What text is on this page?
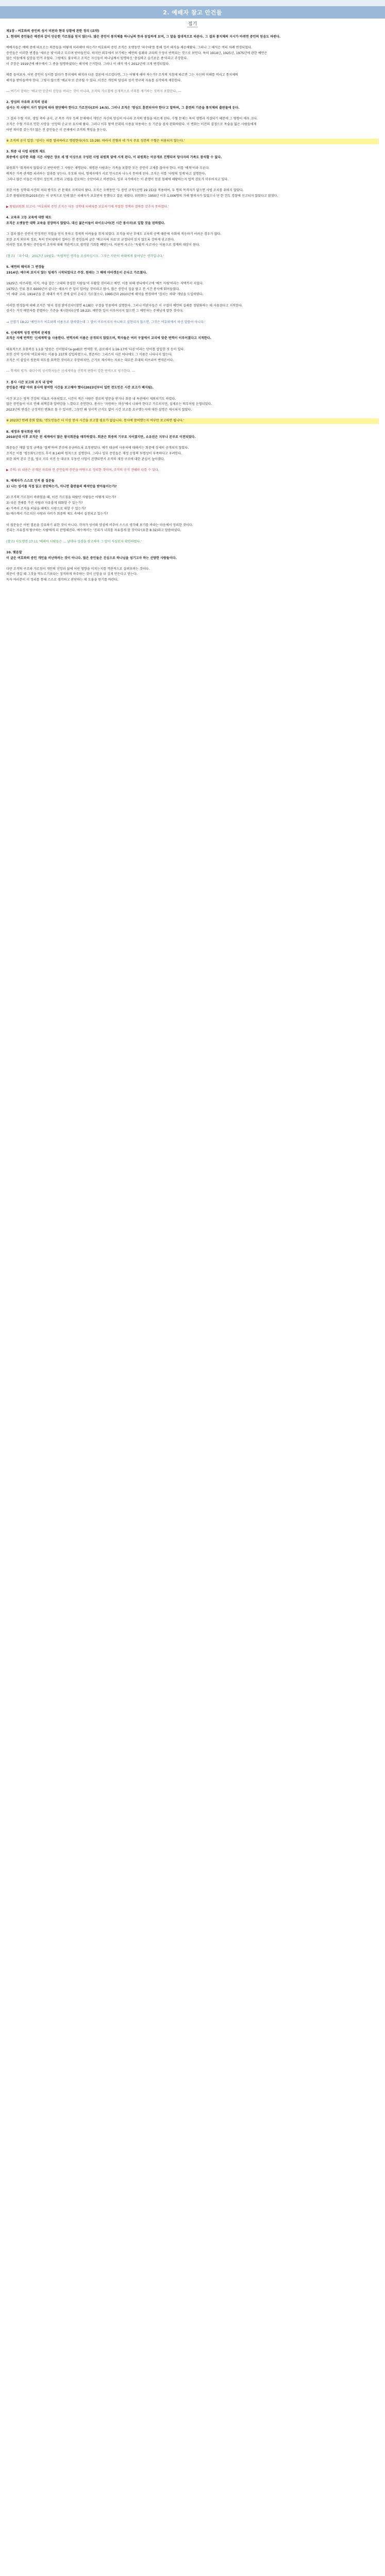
2. 예배자 참고 안건들
접기
제1장 - 여호와의 증인의 성서 비판과 현대 상황에 관한 정리 (요약)
1. 현대의 증인들은 예전과 같이 단순한 가르침을 믿지 않는다. 많은 증인이 통치체를 하나님의 뜻과 동일하게 보며, 그 말을 절대적으로 따른다. 그 결과 통치체의 지시가 바뀌면 증인의 믿음도 바뀐다.
예배자들은 예배 중에 떠오르는 의문들을 어떻게 처리해야 하는가? 여호와의 증인 조직은 오랫동안 '파수대'를 통해 성서 해석을 제공해왔다. 그러나 그 해석은 여러 차례 변경되었다.
증인들은 이러한 변경을 '새로운 빛'이라고 부르며 받아들인다. 하지만 외부에서 보기에는 예언의 실패와 교리의 수정이 반복되는 것으로 보인다. 특히 1914년, 1925년, 1975년에 관한 예언은
많은 이들에게 실망을 안겨 주었다. 그럼에도 불구하고 조직은 자신들이 하나님께서 임명하신 '충실하고 슬기로운 종'이라고 주장한다.
이 주장은 1919년에 예수께서 그 종을 임명하셨다는 해석에 근거한다. 그러나 이 해석 역시 2012년에 크게 변경되었다.
예를 들어보자. 어떤 증인이 성서를 읽다가 통치체의 해석과 다른 결론에 이르렀다면, 그는 어떻게 해야 하는가? 조직의 지침에 따르면 그는 자신의 이해를 버리고 통치체의
해석을 받아들여야 한다. 그렇지 않으면 '배교자'로 간주될 수 있다. 이것은 개인의 양심과 성서 연구의 자유를 심각하게 제한한다.
--- 여기서 말하는 '배교'란 단순히 신앙을 버리는 것이 아니라, 조직의 가르침에 공개적으로 이의를 제기하는 것까지 포함한다. ---
2. 양심의 자유와 조직의 권위
성서는 각 사람이 자기 양심에 따라 판단해야 한다고 가르친다(로마 14:5). 그러나 조직은 '양심도 훈련되어야 한다'고 말하며, 그 훈련의 기준을 통치체의 출판물에 둔다.
그 결과 수혈 거부, 생일 축하 금지, 군 복무 거부 등의 문제에서 개인은 자신의 양심이 아니라 조직의 방침을 따르게 된다. 수혈 문제는 특히 생명과 직결되기 때문에 그 영향이 매우 크다.
조직은 수혈 거부로 인한 사망을 '신앙의 순교'로 묘사해 왔다. 그러나 이후 혈액 분획의 사용을 허용하는 등 기준을 점차 완화하였다. 이 변화는 이전의 결정으로 목숨을 잃은 사람들에게
어떤 의미를 갖는가? 많은 전 증인들은 이 문제에서 조직의 책임을 묻는다.
※ 조직의 공식 입장: '성서는 피를 멀리하라고 명령한다(사도 15:29). 따라서 전혈과 네 가지 주요 성분의 수혈은 허용되지 않는다.'
3. 회중 내 사법 위원회 제도
회중에서 심각한 죄를 지은 사람은 장로 세 명 이상으로 구성된 사법 위원회 앞에 서게 된다. 이 위원회는 비공개로 진행되며 당사자의 가족도 참석할 수 없다.
위원회가 '회개하지 않았다'고 판단하면 그 사람은 제명된다. 제명된 사람과는 가족을 포함한 모든 증인이 교제를 끊어야 한다. 이를 '배척'이라 부른다.
배척은 가족 관계를 파괴하는 결과를 낳는다. 부모와 자녀, 형제자매가 서로 인사조차 나누지 못하게 된다. 조직은 이를 '사랑의 징계'라고 설명한다.
그러나 많은 이들은 이것이 정신적 고통과 고립을 강요하는 수단이라고 비판한다. 일부 국가에서는 이 관행이 인권 침해에 해당하는지 법적 검토가 이루어지고 있다.
또한 아동 성학대 사건의 처리 방식도 큰 문제로 지적되어 왔다. 조직은 오랫동안 '두 증인 규칙'(신명 19:15)을 적용하여, 두 명의 목격자가 없으면 사법 조치를 취하지 않았다.
호주 왕립위원회(2015년)는 이 규칙으로 인해 많은 피해자가 보호받지 못했다고 결론 내렸다. 위원회는 1950년 이후 1,006명의 가해 혐의자가 있었으나 단 한 건도 경찰에 신고되지 않았다고 밝혔다.
▶ 왕립위원회 보고서: '여호와의 증인 조직은 아동 성학대 피해자를 보호하기에 적절한 정책과 절차를 갖추지 못하였다.'
4. 교육과 고등 교육에 대한 태도
조직은 오랫동안 대학 교육을 권장하지 않았다. 대신 젊은이들이 파이오니아(전 시간 봉사자)로 일할 것을 권하였다.
그 결과 많은 증인이 안정적인 직업을 얻지 못하고 경제적 어려움을 겪게 되었다. 조직을 떠난 후에도 교육의 공백 때문에 사회에 적응하기 어려운 경우가 많다.
또한 조직 외부의 정보, 특히 인터넷에서 접하는 전 증인들의 글은 '배교자의 자료'로 규정되어 읽지 않도록 강하게 권고된다.
이러한 정보 통제는 증인들이 조직에 대해 객관적으로 생각할 기회를 빼앗는다. 비판적 사고는 '독립적 사고'라는 이름으로 경계의 대상이 된다.
(참고) 「파수대」 2017년 10월호: '독립적인 생각을 조심하십시오. 그것은 사탄이 하와에게 불어넣은 생각입니다.'
5. 예언의 해석과 그 변경들
1914년: 예수의 보이지 않는 임재가 시작되었다고 주장. 원래는 그 해에 아마겟돈이 온다고 가르쳤다.
1925년: 아브라함, 이삭, 야곱 같은 '고대의 충실한 사람들'이 부활할 것이라고 예언. 이를 위해 샌디에이고에 '베트 사림'이라는 저택까지 지었다.
1975년: 인류 창조 6000년이 끝나는 해로서 큰 일이 일어날 것이라고 암시. 많은 증인이 집을 팔고 전 시간 봉사에 뛰어들었다.
'이 세대' 교리: 1914년을 본 세대가 죽기 전에 끝이 온다고 가르쳤으나, 1995년과 2010년에 해석을 변경하여 '겹치는 세대' 개념을 도입하였다.
이러한 변경들에 대해 조직은 '빛이 점점 밝아진다'(잠언 4:18)는 구절을 인용하여 설명한다. 그러나 비판자들은 이 구절이 예언의 실패를 정당화하는 데 사용된다고 지적한다.
성서는 거짓 예언자를 분별하는 기준을 제시한다(신명 18:22). 예언한 일이 이루어지지 않으면 그 예언자는 주제넘게 말한 것이다.
→ 신명기 18:22 '예언자가 여호와의 이름으로 말하였는데 그 말이 이루어지지 아니하고 실현되지 않으면, 그것은 여호와께서 하신 말씀이 아니다.'
6. 신세계역 성경 번역의 문제점
조직은 자체 번역인 '신세계역'을 사용한다. 번역자의 이름은 공개되지 않았으며, 학자들은 여러 구절에서 교리에 맞춘 번역이 이루어졌다고 지적한다.
대표적으로 요한복음 1:1을 '말씀은 신이었다'(a god)로 번역한 것, 골로새서 1:16-17에 '다른'이라는 단어를 삽입한 것 등이 있다.
또한 신약 성서에 '여호와'라는 이름을 237회 삽입하였으나, 현존하는 그리스어 사본 어디에도 그 이름은 나타나지 않는다.
조직은 이 삽입이 원문의 의도를 회복한 것이라고 주장하지만, 근거로 제시하는 자료는 대부분 후대의 히브리어 번역본이다.
--- 학계의 평가: 대다수의 성서학자들은 신세계역을 신학적 편향이 강한 번역으로 평가한다. ---
7. 봉사 시간 보고와 조직 내 압박
증인들은 매달 야외 봉사에 참여한 시간을 보고해야 했다(2023년부터 일반 전도인은 시간 보고가 폐지됨).
시간 보고는 영적 건강의 지표로 사용되었고, 시간이 적은 사람은 장로의 방문을 받거나 회중 내 특권에서 제외되기도 하였다.
많은 증인들이 이로 인해 죄책감과 압박감을 느꼈다고 증언한다. 봉사는 '자원하는 마음'에서 나와야 한다고 가르치지만, 실제로는 의무처럼 운영되었다.
2023년의 변경은 긍정적인 변화로 볼 수 있지만, 그동안 왜 성서적 근거도 없이 시간 보고를 요구했는지에 대한 설명은 제시되지 않았다.
※ 2023년 연례 총회 발표: '전도인들은 더 이상 봉사 시간을 보고할 필요가 없습니다. 봉사에 참여했는지 여부만 보고하면 됩니다.'
8. 재정과 왕국회관 매각
2010년대 이후 조직은 전 세계에서 많은 왕국회관을 매각하였다. 회관은 회중의 기부로 지어졌지만, 소유권은 지부나 본부로 이전되었다.
회중들은 매달 일정 금액을 '결의'하여 본부에 송금하도록 요청받았다. 매각 대금의 사용처에 대해서는 회중에 상세히 공개되지 않았다.
조직은 이를 '평등화'(고린도 후서 8:14)의 원칙으로 설명한다. 그러나 일부 증인들은 재정 운영의 투명성이 부족하다고 우려한다.
또한 워릭 본부 건설, 영국 지부 이전 등 대규모 부동산 사업이 진행되면서 조직의 재정 구조에 대한 관심이 높아졌다.
▶ 주의: 위 내용은 공개된 자료와 전 증인들의 증언을 바탕으로 정리한 것이며, 조직의 공식 견해와 다를 수 있다.
9. 예배자가 스스로 던져 볼 질문들
1) 나는 성서를 직접 읽고 판단하는가, 아니면 출판물의 해석만을 받아들이는가?
2) 조직의 가르침이 바뀌었을 때, 이전 가르침을 따랐던 사람들은 어떻게 되는가?
3) 다른 견해를 가진 사람과 자유롭게 대화할 수 있는가?
4) 가족이 조직을 떠났을 때에도 사랑으로 대할 수 있는가?
5) 예수께서 가르치신 사랑과 자비가 회중의 제도 속에서 실천되고 있는가?
이 질문들은 어떤 결론을 강요하기 위한 것이 아니다. 각자가 성서와 양심에 비추어 스스로 생각해 보기를 바라는 마음에서 정리한 것이다.
진리는 자유롭게 탐구하는 사람에게 더 분명해진다. 예수께서는 '진리가 너희를 자유롭게 할 것이다'(요한 8:32)라고 말씀하셨다.
(참고) 사도행전 17:11 '베뢰아 사람들은 … 날마다 성경을 상고하여 그 말이 사실인지 확인하였다.'
10. 맺음말
이 글은 여호와의 증인 개인을 비난하려는 것이 아니다. 많은 증인들은 진심으로 하나님을 섬기고자 하는 선량한 사람들이다.
다만 조직의 구조와 가르침이 개인의 신앙과 삶에 어떤 영향을 미치는지를 객관적으로 살펴보려는 것이다.
의문이 생길 때 그것을 억누르기보다는 정직하게 마주하는 것이 신앙을 더 깊게 만든다고 믿는다.
독자 여러분이 이 정리를 통해 스스로 생각하고 판단하는 데 도움을 얻기를 바란다.
